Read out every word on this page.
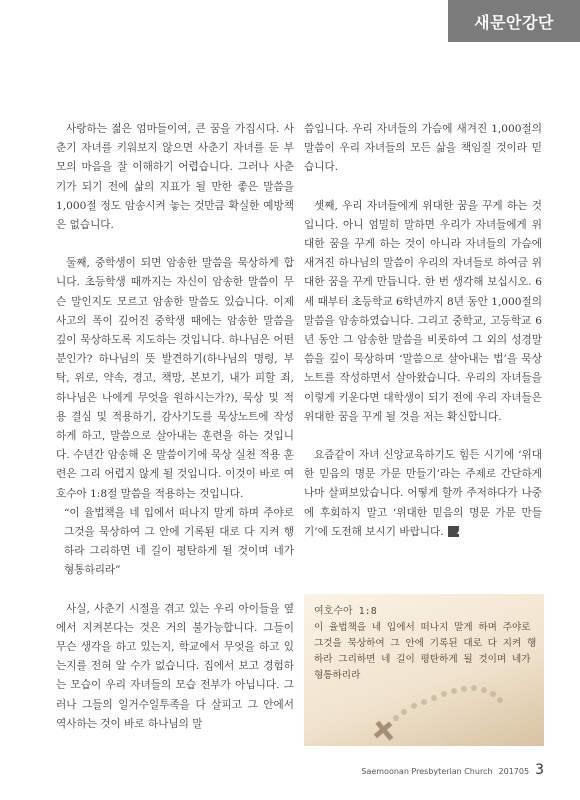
새문안강단

사랑하는 젊은 엄마들이여, 큰 꿈을 가집시다. 사춘기 자녀를 키워보지 않으면 사춘기 자녀를 둔 부모의 마음을 잘 이해하기 어렵습니다. 그러나 사춘기가 되기 전에 삶의 지표가 될 만한 좋은 말씀을 1,000절 정도 암송시켜 놓는 것만큼 확실한 예방책은 없습니다.

둘째, 중학생이 되면 암송한 말씀을 묵상하게 합니다. 초등학생 때까지는 자신이 암송한 말씀이 무슨 말인지도 모르고 암송한 말씀도 있습니다. 이제 사고의 폭이 깊어진 중학생 때에는 암송한 말씀을 깊이 묵상하도록 지도하는 것입니다. 하나님은 어떤 분인가? 하나님의 뜻 발견하기(하나님의 명령, 부탁, 위로, 약속, 경고, 책망, 본보기, 내가 피할 죄, 하나님은 나에게 무엇을 원하시는가?), 묵상 및 적용 결심 및 적용하기, 감사기도를 묵상노트에 작성하게 하고, 말씀으로 살아내는 훈련을 하는 것입니다. 수년간 암송해 온 말씀이기에 묵상 실천 적용 훈련은 그리 어렵지 않게 될 것입니다. 이것이 바로 여호수아 1:8절 말씀을 적용하는 것입니다.

“이 율법책을 네 입에서 떠나지 말게 하며 주야로 그것을 묵상하여 그 안에 기록된 대로 다 지켜 행하라 그리하면 네 길이 평탄하게 될 것이며 네가 형통하리라”

사실, 사춘기 시절을 겪고 있는 우리 아이들을 옆에서 지켜본다는 것은 거의 불가능합니다. 그들이 무슨 생각을 하고 있는지, 학교에서 무엇을 하고 있는지를 전혀 알 수가 없습니다. 집에서 보고 경험하는 모습이 우리 자녀들의 모습 전부가 아닙니다. 그러나 그들의 일거수일투족을 다 살피고 그 안에서 역사하는 것이 바로 하나님의 말

씀입니다. 우리 자녀들의 가슴에 새겨진 1,000절의 말씀이 우리 자녀들의 모든 삶을 책임질 것이라 믿습니다.

셋째, 우리 자녀들에게 위대한 꿈을 꾸게 하는 것입니다. 아니 엄밀히 말하면 우리가 자녀들에게 위대한 꿈을 꾸게 하는 것이 아니라 자녀들의 가슴에 새겨진 하나님의 말씀이 우리의 자녀들로 하여금 위대한 꿈을 꾸게 만듭니다. 한 번 생각해 보십시오. 6세 때부터 초등학교 6학년까지 8년 동안 1,000절의 말씀을 암송하였습니다. 그리고 중학교, 고등학교 6년 동안 그 암송한 말씀을 비롯하여 그 외의 성경말씀을 깊이 묵상하며 ‘말씀으로 살아내는 법’을 묵상노트를 작성하면서 살아왔습니다. 우리의 자녀들을 이렇게 키운다면 대학생이 되기 전에 우리 자녀들은 위대한 꿈을 꾸게 될 것을 저는 확신합니다.

요즘같이 자녀 신앙교육하기도 힘든 시기에 ‘위대한 믿음의 명문 가문 만들기’라는 주제로 간단하게나마 살펴보았습니다. 어떻게 할까 주저하다가 나중에 후회하지 말고 ‘위대한 믿음의 명문 가문 만들기’에 도전해 보시기 바랍니다. A

여호수아 1:8
이 율법책을 네 입에서 떠나지 말게 하며 주야로 그것을 묵상하여 그 안에 기록된 대로 다 지켜 행하라 그리하면 네 길이 평탄하게 될 것이며 네가 형통하리라
Saemoonan Presbyterian Church 201705 3
